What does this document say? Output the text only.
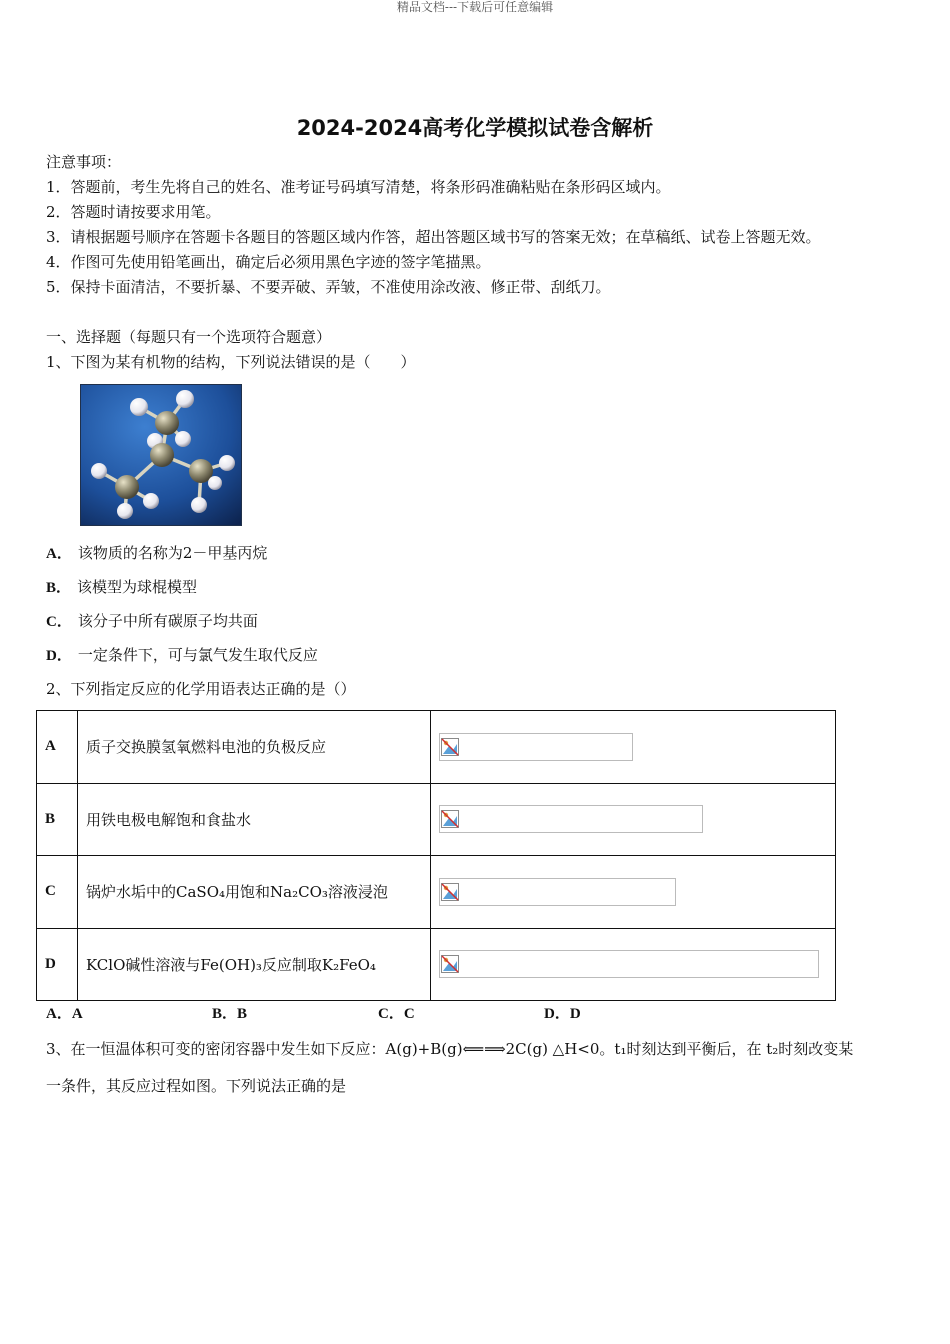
精品文档---下载后可任意编辑
2024-2024高考化学模拟试卷含解析
注意事项：
1．答题前，考生先将自己的姓名、准考证号码填写清楚，将条形码准确粘贴在条形码区域内。
2．答题时请按要求用笔。
3．请根据题号顺序在答题卡各题目的答题区域内作答，超出答题区域书写的答案无效；在草稿纸、试卷上答题无效。
4．作图可先使用铅笔画出，确定后必须用黑色字迹的签字笔描黑。
5．保持卡面清洁，不要折暴、不要弄破、弄皱，不准使用涂改液、修正带、刮纸刀。
一、选择题（每题只有一个选项符合题意）
1、下图为某有机物的结构，下列说法错误的是（　　）
A． 该物质的名称为2－甲基丙烷
B． 该模型为球棍模型
C． 该分子中所有碳原子均共面
D． 一定条件下，可与氯气发生取代反应
2、下列指定反应的化学用语表达正确的是（）
A	质子交换膜氢氧燃料电池的负极反应	

B	用铁电极电解饱和食盐水	

C	锅炉水垢中的CaSO₄用饱和Na₂CO₃溶液浸泡	

D	KClO碱性溶液与Fe(OH)₃反应制取K₂FeO₄	
A．A	B．B	C．C	D．D
3、在一恒温体积可变的密闭容器中发生如下反应：A(g)+B(g)⟸⟹2C(g) △H<0。t₁时刻达到平衡后，在 t₂时刻改变某
一条件，其反应过程如图。下列说法正确的是
